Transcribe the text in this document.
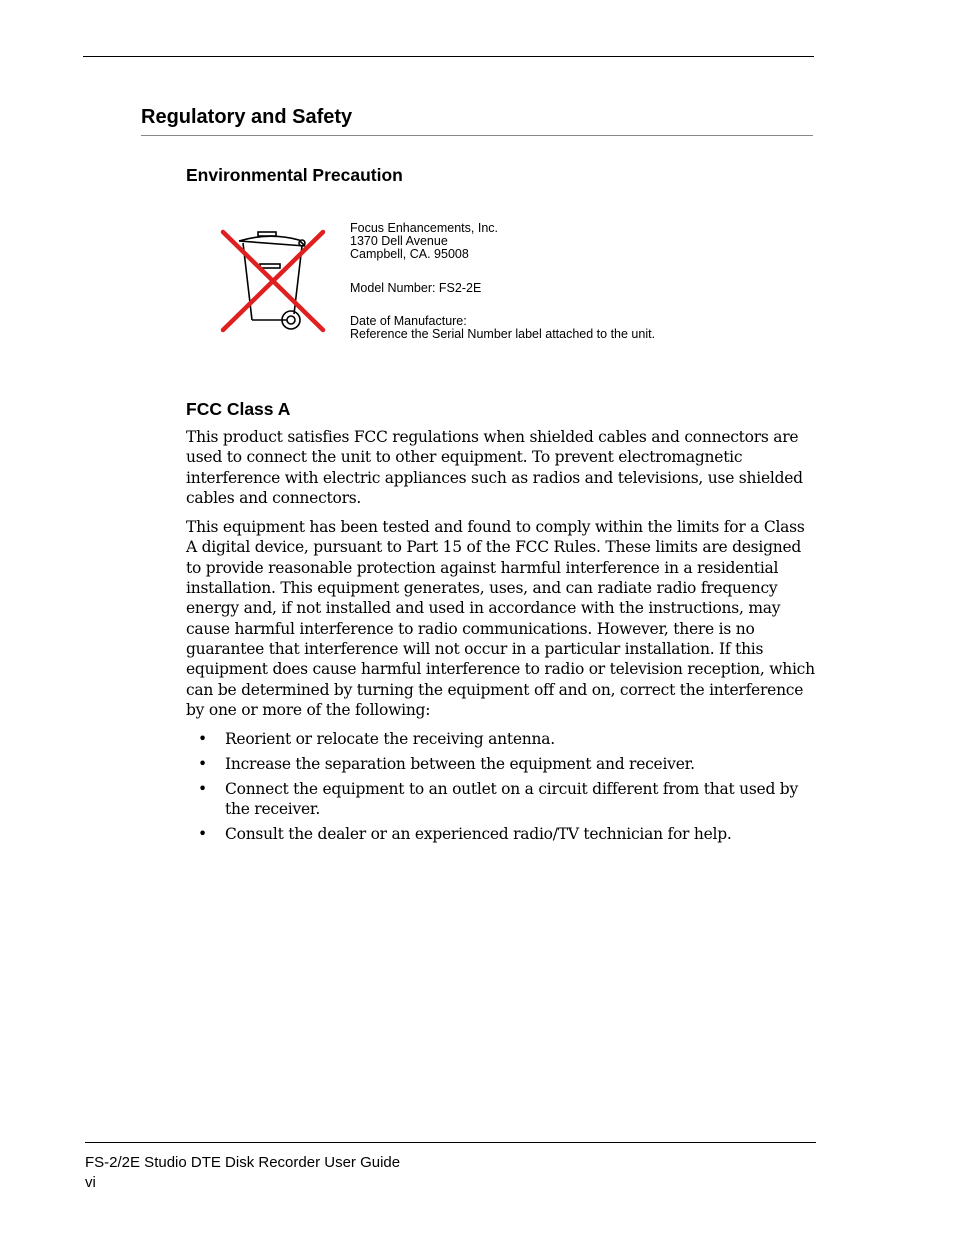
Regulatory and Safety
Environmental Precaution
Focus Enhancements, Inc.
1370 Dell Avenue
Campbell, CA. 95008
Model Number: FS2-2E
Date of Manufacture:
Reference the Serial Number label attached to the unit.
FCC Class A

This product satisfies FCC regulations when shielded cables and connectors are used to connect the unit to other equipment. To prevent electromagnetic interference with electric appliances such as radios and televisions, use shielded cables and connectors.

This equipment has been tested and found to comply within the limits for a Class A digital device, pursuant to Part 15 of the FCC Rules. These limits are designed to provide reasonable protection against harmful interference in a residential installation. This equipment generates, uses, and can radiate radio frequency energy and, if not installed and used in accordance with the instructions, may cause harmful interference to radio communications. However, there is no guarantee that interference will not occur in a particular installation. If this equipment does cause harmful interference to radio or television reception, which can be determined by turning the equipment off and on, correct the interference by one or more of the following:

• Reorient or relocate the receiving antenna.
• Increase the separation between the equipment and receiver.
• Connect the equipment to an outlet on a circuit different from that used by the receiver.
• Consult the dealer or an experienced radio/TV technician for help.
FS-2/2E Studio DTE Disk Recorder User Guide
vi
